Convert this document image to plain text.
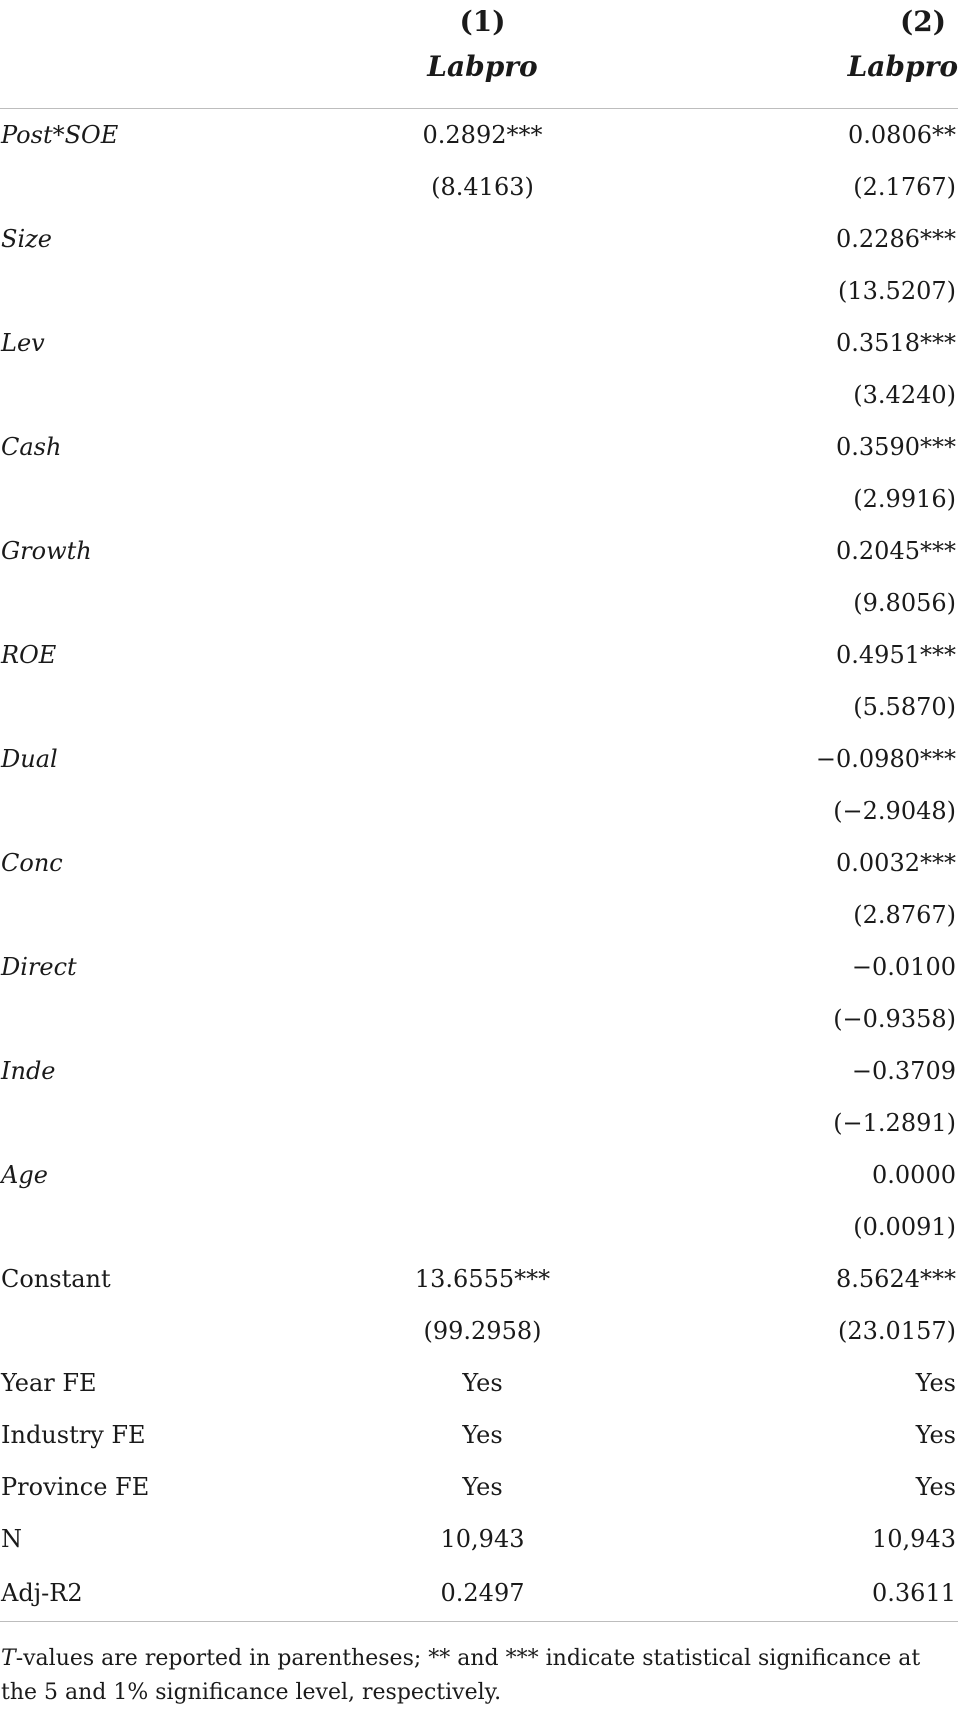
	(1)	(2)
	Labpro	Labpro
Post*SOE	0.2892***	0.0806**
	(8.4163)	(2.1767)
Size		0.2286***
		(13.5207)
Lev		0.3518***
		(3.4240)
Cash		0.3590***
		(2.9916)
Growth		0.2045***
		(9.8056)
ROE		0.4951***
		(5.5870)
Dual		−0.0980***
		(−2.9048)
Conc		0.0032***
		(2.8767)
Direct		−0.0100
		(−0.9358)
Inde		−0.3709
		(−1.2891)
Age		0.0000
		(0.0091)
Constant	13.6555***	8.5624***
	(99.2958)	(23.0157)
Year FE	Yes	Yes
Industry FE	Yes	Yes
Province FE	Yes	Yes
N	10,943	10,943
Adj-R2	0.2497	0.3611
T-values are reported in parentheses; ** and *** indicate statistical significance at the 5 and 1% significance level, respectively.
